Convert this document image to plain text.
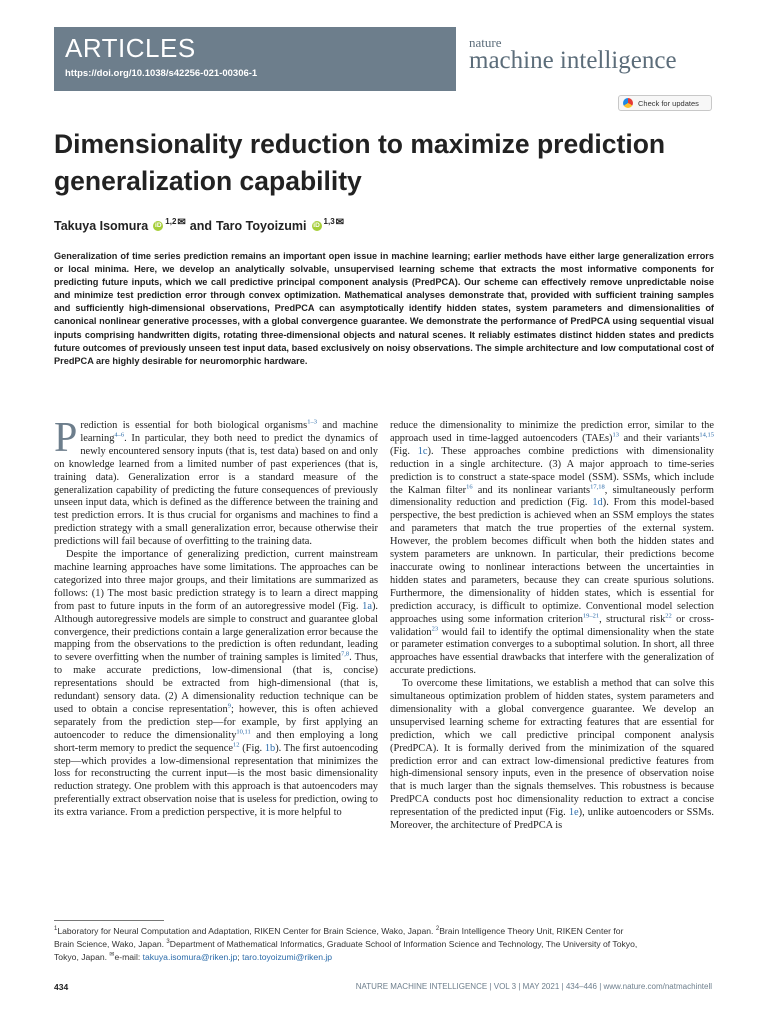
ARTICLES
https://doi.org/10.1038/s42256-021-00306-1
nature
machine intelligence
Check for updates
Dimensionality reduction to maximize prediction generalization capability
Takuya Isomura iD 1,2 ✉ and Taro Toyoizumi iD 1,3 ✉
Generalization of time series prediction remains an important open issue in machine learning; earlier methods have either large generalization errors or local minima. Here, we develop an analytically solvable, unsupervised learning scheme that extracts the most informative components for predicting future inputs, which we call predictive principal component analysis (PredPCA). Our scheme can effectively remove unpredictable noise and minimize test prediction error through convex optimization. Mathematical analyses demonstrate that, provided with sufficient training samples and sufficiently high-dimensional observations, PredPCA can asymptotically identify hidden states, system parameters and dimensionalities of canonical nonlinear generative processes, with a global convergence guarantee. We demonstrate the performance of PredPCA using sequential visual inputs comprising handwritten digits, rotating three-dimensional objects and natural scenes. It reliably estimates distinct hidden states and predicts future outcomes of previously unseen test input data, based exclusively on noisy observations. The simple architecture and low computational cost of PredPCA are highly desirable for neuromorphic hardware.

Prediction is essential for both biological organisms$^{1-3}$ and machine learning$^{4-6}$. In particular, they both need to predict the dynamics of newly encountered sensory inputs (that is, test data) based on and only on knowledge learned from a limited number of past experiences (that is, training data). Generalization error is a standard measure of the generalization capability of predicting the future consequences of previously unseen input data, which is defined as the difference between the training and test prediction errors. It is thus crucial for organisms and machines to find a prediction strategy with a small generalization error, because otherwise their predictions will fail because of overfitting to the training data.

Despite the importance of generalizing prediction, current mainstream machine learning approaches have some limitations. The approaches can be categorized into three major groups, and their limitations are summarized as follows: (1) The most basic prediction strategy is to learn a direct mapping from past to future inputs in the form of an autoregressive model (Fig. 1a). Although autoregressive models are simple to construct and guarantee global convergence, their predictions contain a large generalization error because the mapping from the observations to the prediction is often redundant, leading to severe overfitting when the number of training samples is limited$^{7,8}$. Thus, to make accurate predictions, low-dimensional (that is, concise) representations should be extracted from high-dimensional (that is, redundant) sensory data. (2) A dimensionality reduction technique can be used to obtain a concise representation$^9$; however, this is often achieved separately from the prediction step—for example, by first applying an autoencoder to reduce the dimensionality$^{10,11}$ and then employing a long short-term memory to predict the sequence$^{12}$ (Fig. 1b). The first autoencoding step—which provides a low-dimensional representation that minimizes the loss for reconstructing the current input—is the most basic dimensionality reduction strategy. One problem with this approach is that autoencoders may preferentially extract observation noise that is useless for prediction, owing to its extra variance. From a prediction perspective, it is more helpful to

reduce the dimensionality to minimize the prediction error, similar to the approach used in time-lagged autoencoders (TAEs)$^{13}$ and their variants$^{14,15}$ (Fig. 1c). These approaches combine predictions with dimensionality reduction in a single architecture. (3) A major approach to time-series prediction is to construct a state-space model (SSM). SSMs, which include the Kalman filter$^{16}$ and its nonlinear variants$^{17,18}$, simultaneously perform dimensionality reduction and prediction (Fig. 1d). From this model-based perspective, the best prediction is achieved when an SSM employs the states and parameters that match the true properties of the external system. However, the problem becomes difficult when both the hidden states and system parameters are unknown. In particular, their predictions become inaccurate owing to nonlinear interactions between the uncertainties in hidden states and parameters, because they can create spurious solutions. Furthermore, the dimensionality of hidden states, which is essential for prediction accuracy, is difficult to optimize. Conventional model selection approaches using some information criterion$^{19-21}$, structural risk$^{22}$ or cross-validation$^{23}$ would fail to identify the optimal dimensionality when the state or parameter estimation converges to a suboptimal solution. In short, all three approaches have essential drawbacks that interfere with the generalization of accurate predictions.

To overcome these limitations, we establish a method that can solve this simultaneous optimization problem of hidden states, system parameters and dimensionality with a global convergence guarantee. We develop an unsupervised learning scheme for extracting features that are essential for prediction, which we call predictive principal component analysis (PredPCA). It is formally derived from the minimization of the squared prediction error and can extract low-dimensional predictive features from high-dimensional sensory inputs, even in the presence of observation noise that is much larger than the signals themselves. This robustness is because PredPCA conducts post hoc dimensionality reduction to extract a concise representation of the predicted input (Fig. 1e), unlike autoencoders or SSMs. Moreover, the architecture of PredPCA is

$^1$Laboratory for Neural Computation and Adaptation, RIKEN Center for Brain Science, Wako, Japan. $^2$Brain Intelligence Theory Unit, RIKEN Center for
Brain Science, Wako, Japan. $^3$Department of Mathematical Informatics, Graduate School of Information Science and Technology, The University of Tokyo,
Tokyo, Japan. ✉e-mail: takuya.isomura@riken.jp; taro.toyoizumi@riken.jp
434	NATURE MACHINE INTELLIGENCE | VOL 3 | MAY 2021 | 434–446 | www.nature.com/natmachintell
